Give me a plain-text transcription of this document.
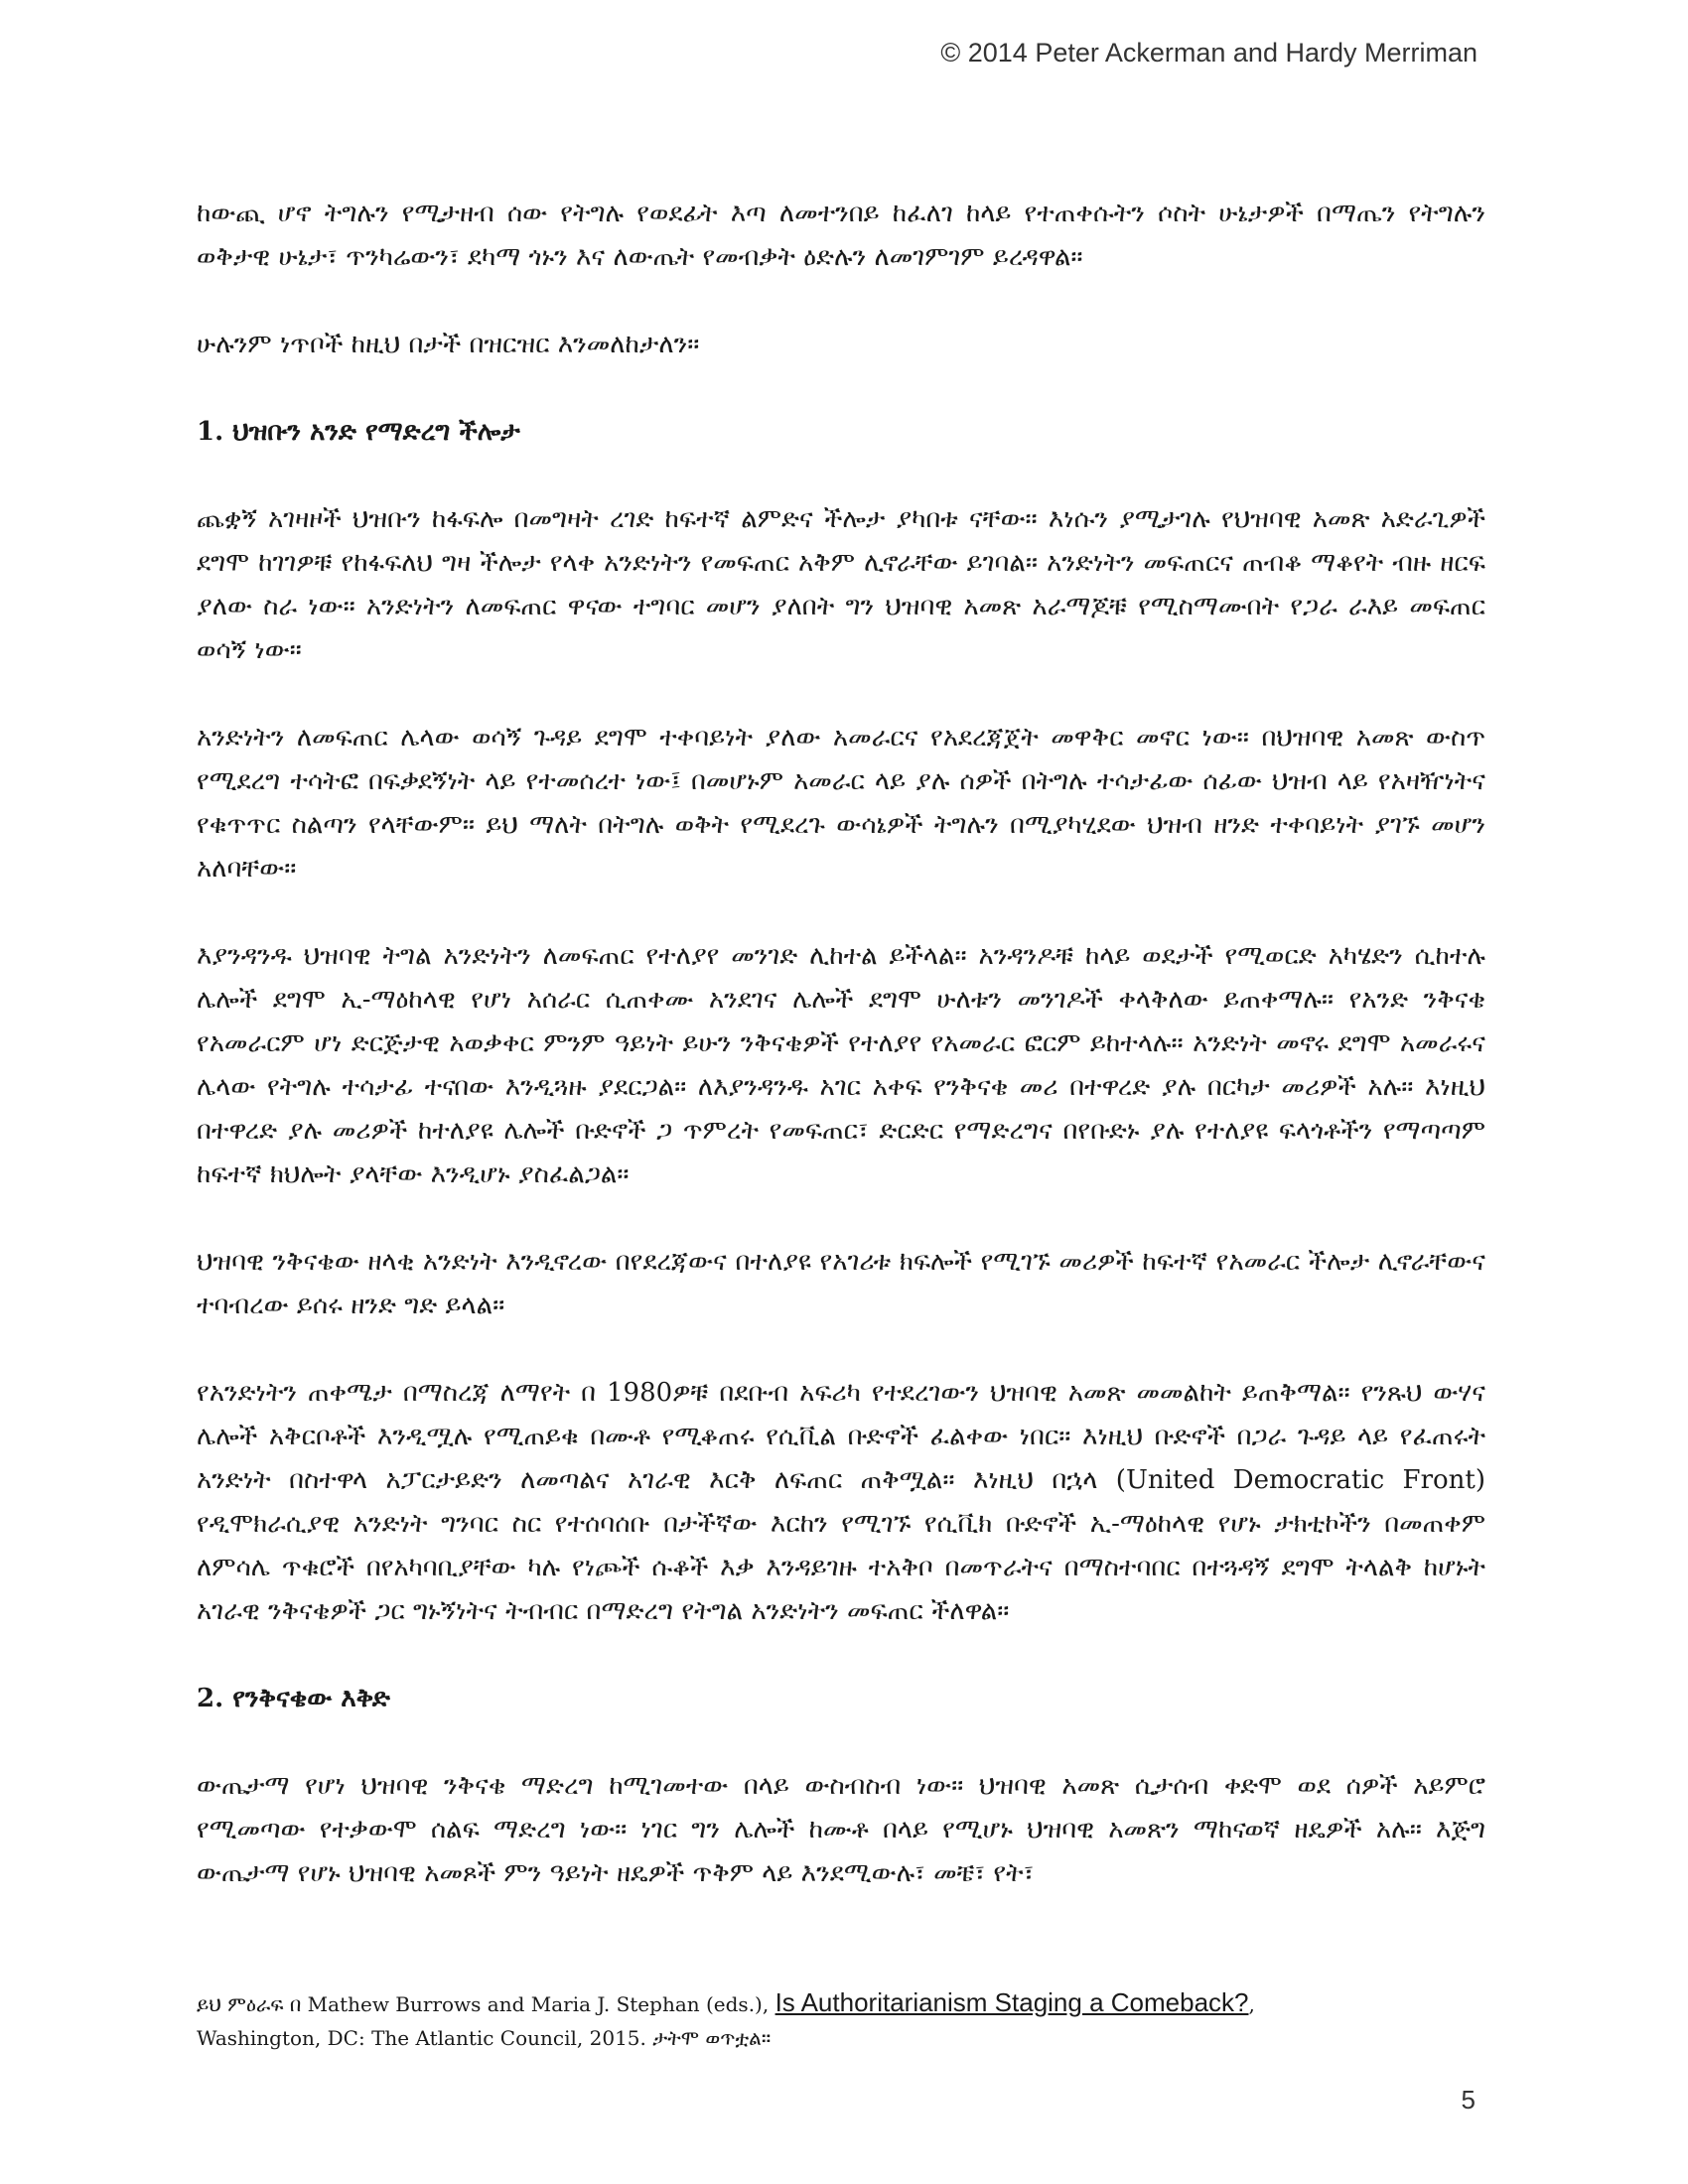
© 2014 Peter Ackerman and Hardy Merriman

ከውጪ ሆኖ ትግሉን የሚታዘብ ሰው የትግሉ የወደፊት እጣ ለመተንበይ ከፈለገ ከላይ የተጠቀሱትን ሶስት ሁኔታዎች በማጤን የትግሉን ወቅታዊ ሁኔታ፣ ጥንካሬውን፣ ደካማ ጎኑን እና ለውጤት የመብቃት ዕድሉን ለመገምገም ይረዳዋል።

ሁሉንም ነጥቦች ከዚህ በታች በዝርዝር እንመለከታለን።

1. ህዝቡን አንድ የማድረግ ችሎታ

ጨቋኝ አገዛዞች ህዝቡን ከፋፍሎ በመግዛት ረገድ ከፍተኛ ልምድና ችሎታ ያካበቱ ናቸው። እነሱን ያሚታገሉ የህዝባዊ አመጽ አድራጊዎች ደግሞ ከገገዎቹ የከፋፍለህ ግዛ ችሎታ የላቀ አንድነትን የመፍጠር አቅም ሊኖራቸው ይገባል። አንድነትን መፍጠርና ጠብቆ ማቆየት ብዙ ዘርፍ ያለው ስራ ነው። አንድነትን ለመፍጠር ዋናው ተግባር መሆን ያለበት ግን ህዝባዊ አመጽ አራማጆቹ የሚስማሙበት የጋራ ራእይ መፍጠር ወሳኝ ነው።

አንድነትን ለመፍጠር ሌላው ወሳኝ ጉዳይ ደግሞ ተቀባይነት ያለው አመራርና የአደረጃጀት መዋቅር መኖር ነው። በህዝባዊ አመጽ ውስጥ የሚደረግ ተሳትፎ በፍቃደኝነት ላይ የተመሰረተ ነው፤ በመሆኑም አመራር ላይ ያሉ ሰዎች በትግሉ ተሳታፊው ሰፊው ህዝብ ላይ የአዛዥነትና የቁጥጥር ስልጣን የላቸውም። ይህ ማለት በትግሉ ወቅት የሚደረጉ ውሳኔዎች ትግሉን በሚያካሂደው ህዝብ ዘንድ ተቀባይነት ያገኙ መሆን አለባቸው።

እያንዳንዱ ህዝባዊ ትግል አንድነትን ለመፍጠር የተለያየ መንገድ ሊከተል ይችላል። አንዳንዶቹ ከላይ ወደታች የሚወርድ አካሄድን ሲከተሉ ሌሎች ደግሞ ኢ-ማዕከላዊ የሆነ አሰራር ሲጠቀሙ አንደገና ሌሎች ደግሞ ሁለቱን መንገዶች ቀላቅለው ይጠቀማሉ። የአንድ ንቅናቄ የአመራርም ሆነ ድርጅታዊ አወቃቀር ምንም ዓይነት ይሁን ንቅናቄዎች የተለያየ የአመራር ፎርም ይከተላሉ። አንድነት መኖሩ ደግሞ አመራሩና ሌላው የትግሉ ተሳታፊ ተናበው እንዲጓዙ ያደርጋል። ለእያንዳንዱ አገር አቀፍ የንቅናቄ መሪ በተዋረድ ያሉ በርካታ መሪዎች አሉ። እነዚህ በተዋረድ ያሉ መሪዎች ከተለያዩ ሌሎች ቡድኖች ጋ ጥምረት የመፍጠር፣ ድርድር የማድረግና በየቡድኑ ያሉ የተለያዩ ፍላጎቶችን የማጣጣም ከፍተኛ ክህሎት ያላቸው እንዲሆኑ ያስፈልጋል።

ህዝባዊ ንቅናቄው ዘላቂ አንድነት እንዲኖረው በየደረጃውና በተለያዩ የአገሪቱ ክፍሎች የሚገኙ መሪዎች ከፍተኛ የአመራር ችሎታ ሊኖራቸውና ተባብረው ይሰሩ ዘንድ ግድ ይላል።

የአንድነትን ጠቀሜታ በማስረጃ ለማየት በ 1980ዎቹ በደቡብ አፍሪካ የተደረገውን ህዝባዊ አመጽ መመልከት ይጠቅማል። የንጹህ ውሃና ሌሎች አቅርቦቶች እንዲሟሉ የሚጠይቁ በሙቶ የሚቆጠሩ የሲቪል ቡድኖች ፈልቀው ነበር። እነዚህ ቡድኖች በጋራ ጉዳይ ላይ የፈጠሩት አንድነት በስተዋላ አፓርታይድን ለመጣልና አገራዊ እርቅ ለፍጠር ጠቅሟል። እነዚህ በኋላ (United Democratic Front) የዲሞክራሲያዊ አንድነት ግንባር ስር የተሰባሰቡ በታችኛው እርከን የሚገኙ የሲቪክ ቡድኖች ኢ-ማዕከላዊ የሆኑ ታክቲኮችን በመጠቀም ለምሳሌ ጥቁሮች በየአካባቢያቸው ካሉ የነጮች ሱቆች እቃ እንዳይገዙ ተአቅቦ በመጥራትና በማስተባበር በተጓዳኝ ደግሞ ትላልቅ ከሆኑት አገራዊ ንቅናቄዎች ጋር ግኑኝነትና ትብብር በማድረግ የትግል አንድነትን መፍጠር ችለዋል።

2. የንቅናቄው እቅድ

ውጤታማ የሆነ ህዝባዊ ንቅናቄ ማድረግ ከሚገመተው በላይ ውስብስብ ነው። ህዝባዊ አመጽ ሲታሰብ ቀድሞ ወደ ሰዎች አይምሮ የሚመጣው የተቃውሞ ሰልፍ ማድረግ ነው። ነገር ግን ሌሎች ከሙቶ በላይ የሚሆኑ ህዝባዊ አመጽን ማከናወኛ ዘዴዎች አሉ። እጅግ ውጤታማ የሆኑ ህዝባዊ አመጾች ምን ዓይነት ዘዴዎች ጥቅም ላይ እንደሚውሉ፣ መቼ፣ የት፣

ይህ ምዕራፍ በ Mathew Burrows and Maria J. Stephan (eds.), Is Authoritarianism Staging a Comeback?,
Washington, DC: The Atlantic Council, 2015. ታትሞ ወጥቷል።
5
